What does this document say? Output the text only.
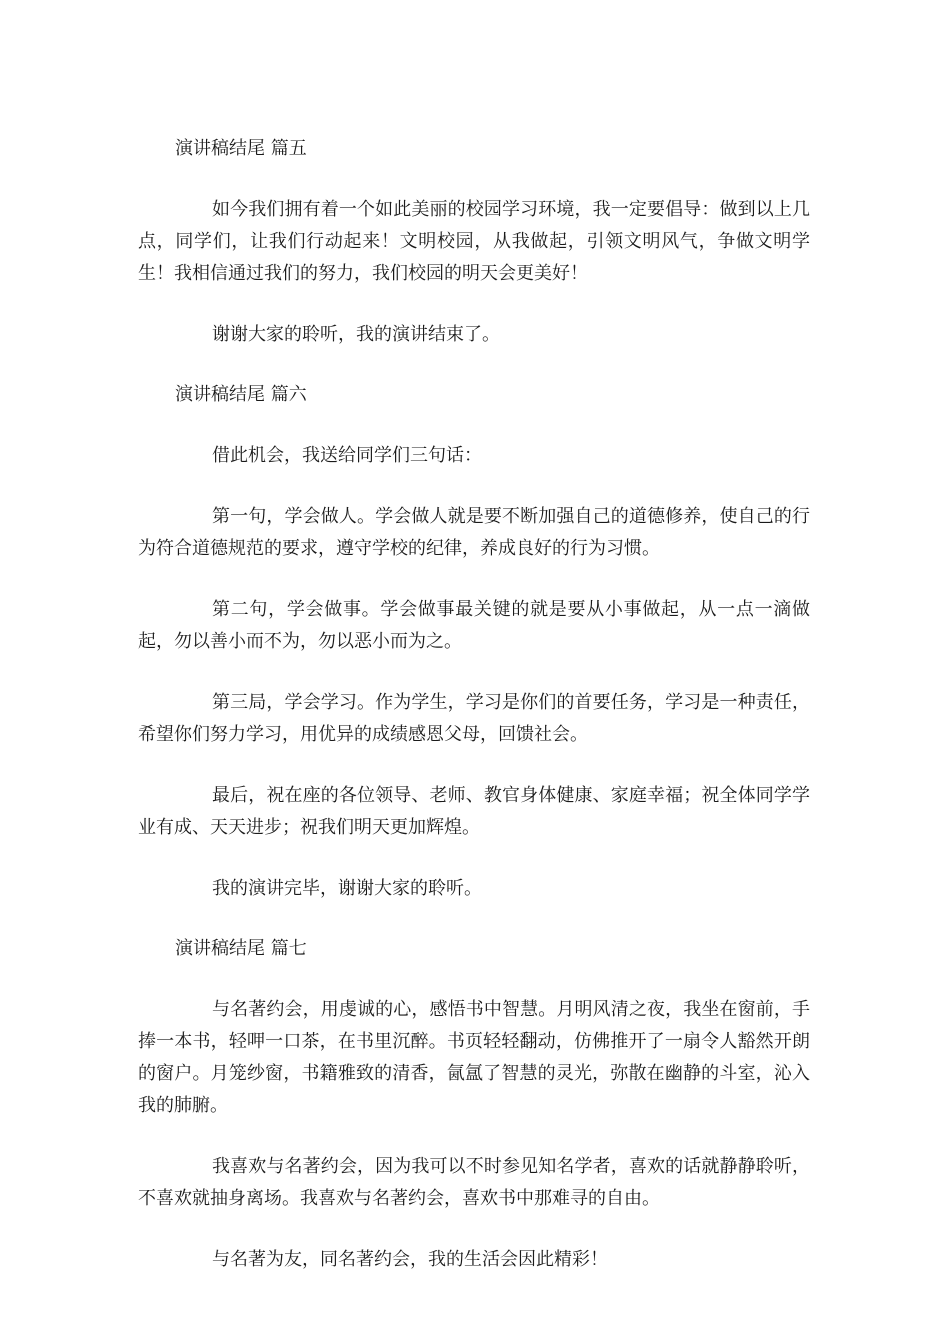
演讲稿结尾 篇五

如今我们拥有着一个如此美丽的校园学习环境，我一定要倡导：做到以上几点，同学们，让我们行动起来！文明校园，从我做起，引领文明风气，争做文明学生！我相信通过我们的努力，我们校园的明天会更美好！

谢谢大家的聆听，我的演讲结束了。

演讲稿结尾 篇六

借此机会，我送给同学们三句话：

第一句，学会做人。学会做人就是要不断加强自己的道德修养，使自己的行为符合道德规范的要求，遵守学校的纪律，养成良好的行为习惯。

第二句，学会做事。学会做事最关键的就是要从小事做起，从一点一滴做起，勿以善小而不为，勿以恶小而为之。

第三局，学会学习。作为学生，学习是你们的首要任务，学习是一种责任，希望你们努力学习，用优异的成绩感恩父母，回馈社会。

最后，祝在座的各位领导、老师、教官身体健康、家庭幸福；祝全体同学学业有成、天天进步；祝我们明天更加辉煌。

我的演讲完毕，谢谢大家的聆听。

演讲稿结尾 篇七

与名著约会，用虔诚的心，感悟书中智慧。月明风清之夜，我坐在窗前，手捧一本书，轻呷一口茶，在书里沉醉。书页轻轻翻动，仿佛推开了一扇令人豁然开朗的窗户。月笼纱窗，书籍雅致的清香，氤氲了智慧的灵光，弥散在幽静的斗室，沁入我的肺腑。

我喜欢与名著约会，因为我可以不时参见知名学者，喜欢的话就静静聆听，不喜欢就抽身离场。我喜欢与名著约会，喜欢书中那难寻的自由。

与名著为友，同名著约会，我的生活会因此精彩！
